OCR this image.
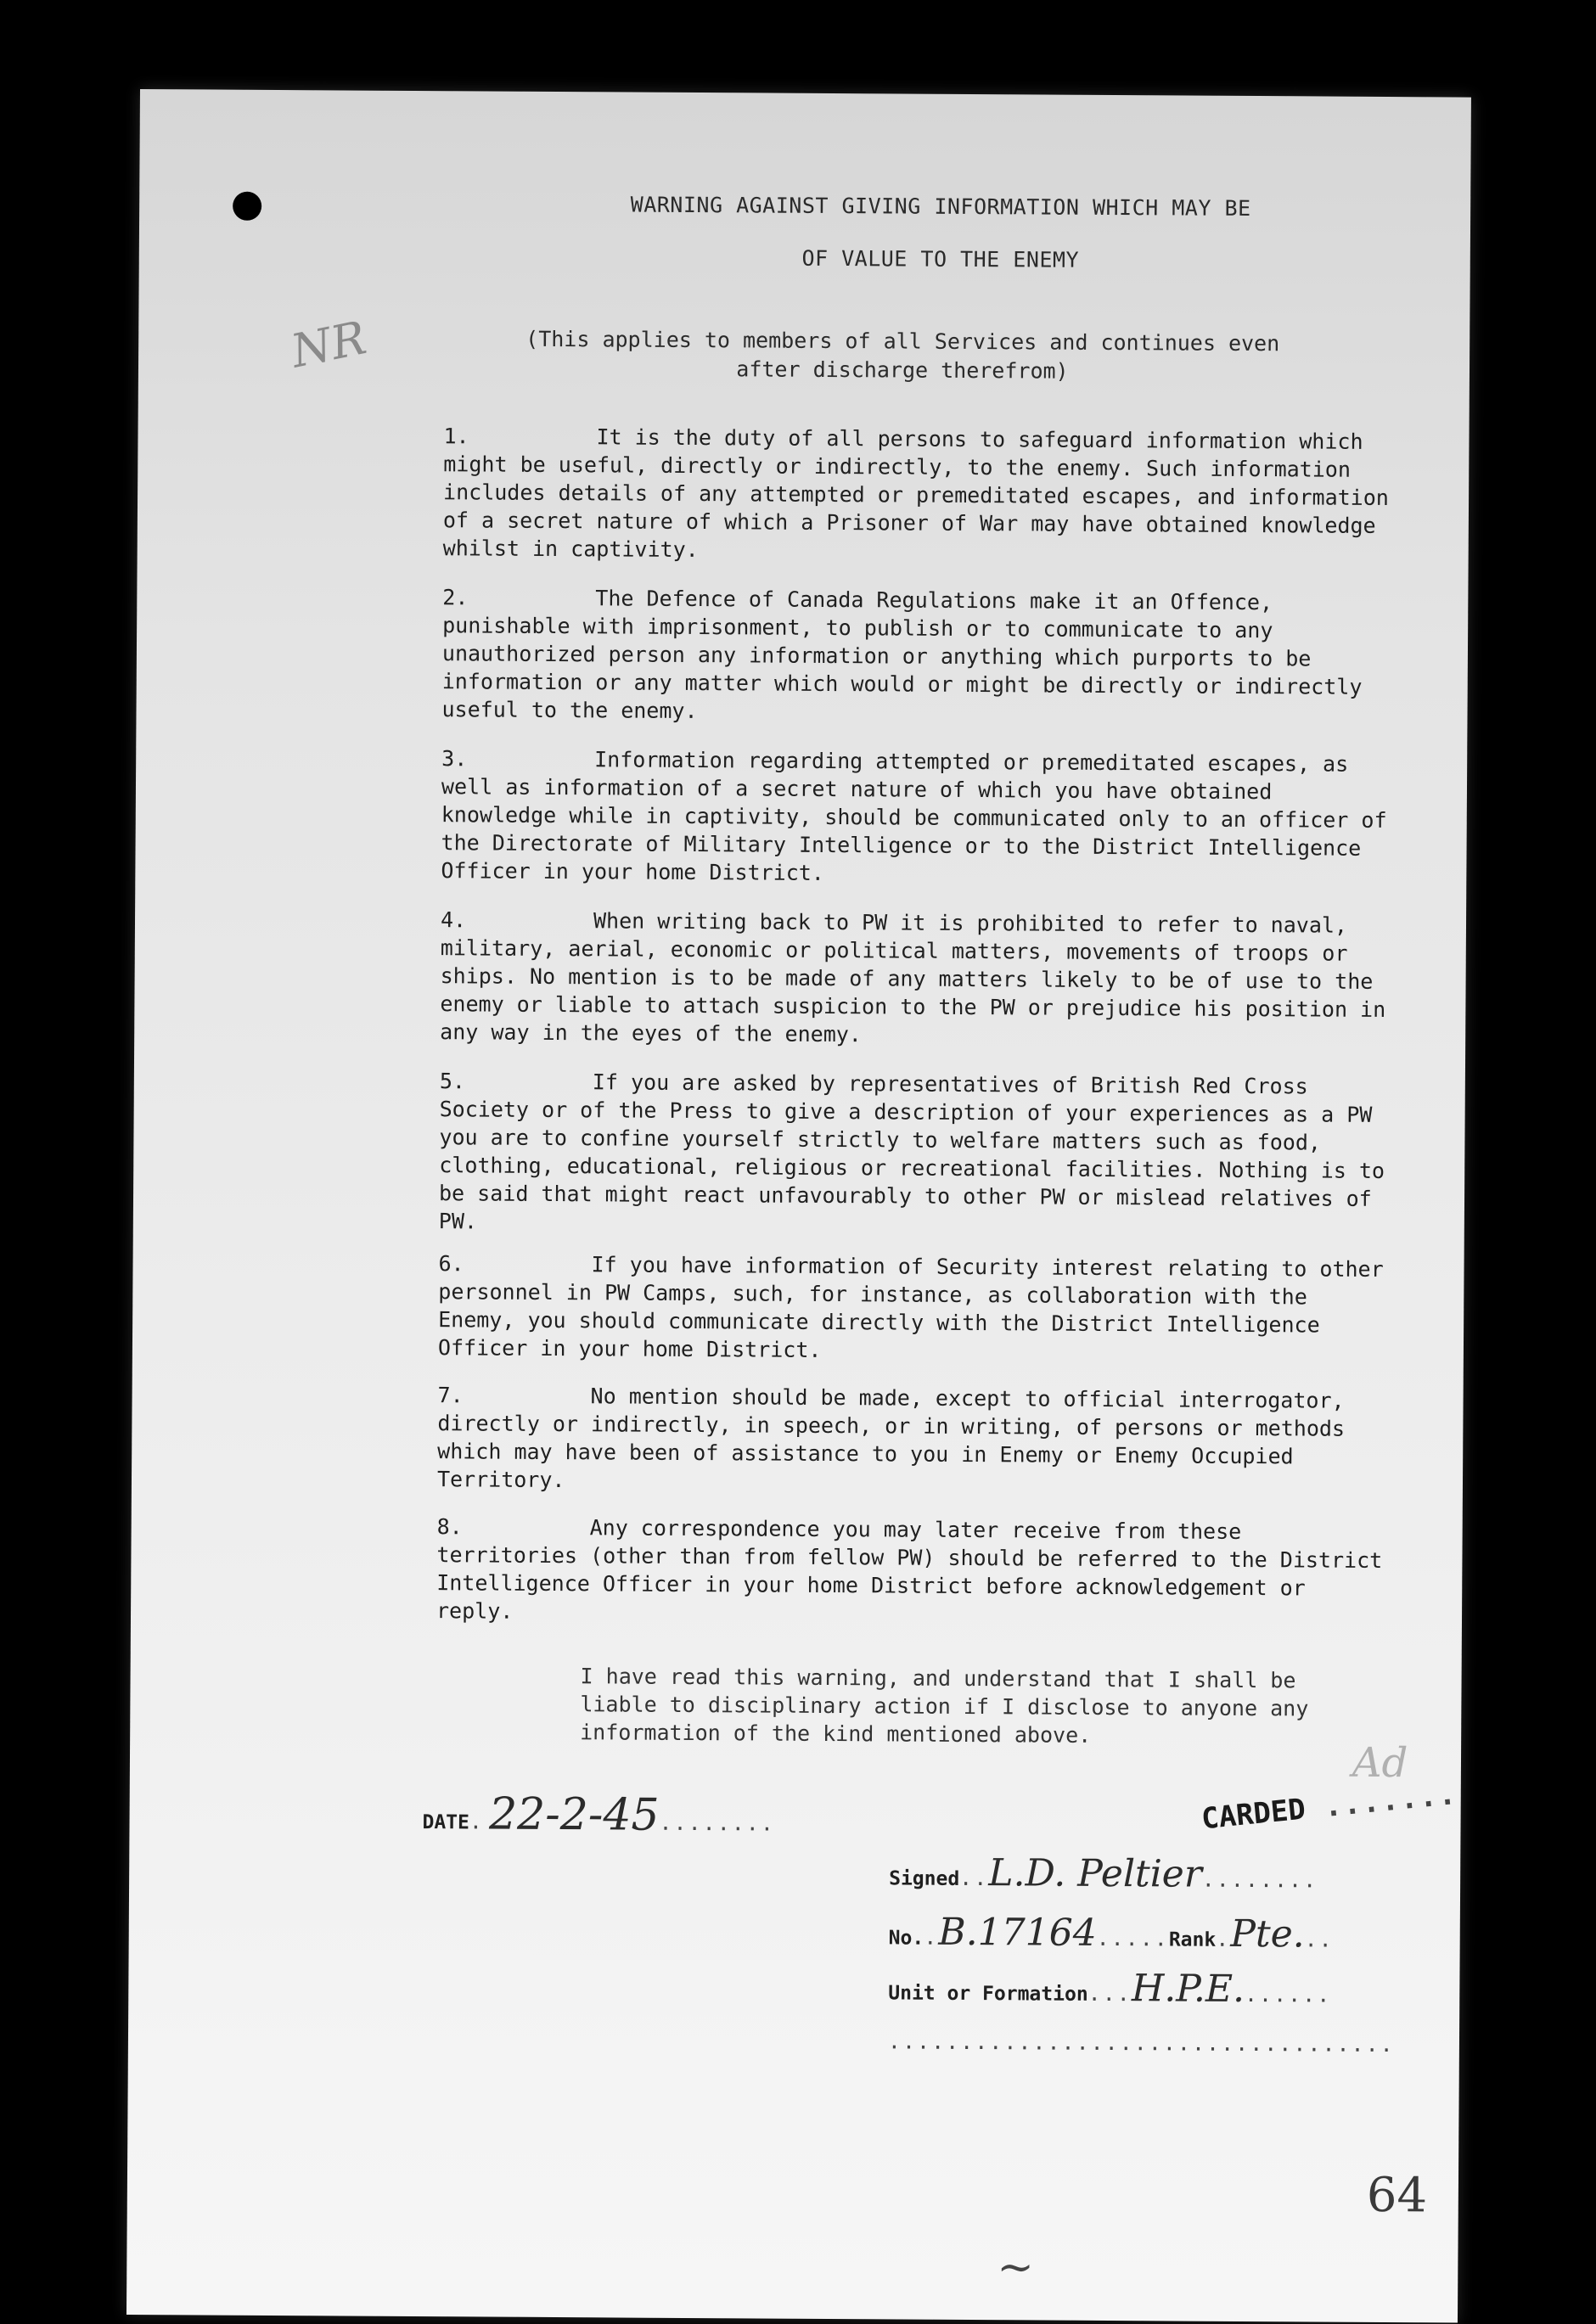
NR
WARNING AGAINST GIVING INFORMATION WHICH MAY BE
OF VALUE TO THE ENEMY
(This applies to members of all Services and continues even after discharge therefrom)
1.	It is the duty of all persons to safeguard information which might be useful, directly or indirectly, to the enemy. Such information includes details of any attempted or premeditated escapes, and information of a secret nature of which a Prisoner of War may have obtained knowledge whilst in captivity.
2.	The Defence of Canada Regulations make it an Offence, punishable with imprisonment, to publish or to communicate to any unauthorized person any information or anything which purports to be information or any matter which would or might be directly or indirectly useful to the enemy.
3.	Information regarding attempted or premeditated escapes, as well as information of a secret nature of which you have obtained knowledge while in captivity, should be communicated only to an officer of the Directorate of Military Intelligence or to the District Intelligence Officer in your home District.
4.	When writing back to PW it is prohibited to refer to naval, military, aerial, economic or political matters, movements of troops or ships. No mention is to be made of any matters likely to be of use to the enemy or liable to attach suspicion to the PW or prejudice his position in any way in the eyes of the enemy.
5.	If you are asked by representatives of British Red Cross Society or of the Press to give a description of your experiences as a PW you are to confine yourself strictly to welfare matters such as food, clothing, educational, religious or recreational facilities. Nothing is to be said that might react unfavourably to other PW or mislead relatives of PW.
6.	If you have information of Security interest relating to other personnel in PW Camps, such, for instance, as collaboration with the Enemy, you should communicate directly with the District Intelligence Officer in your home District.
7.	No mention should be made, except to official interrogator, directly or indirectly, in speech, or in writing, of persons or methods which may have been of assistance to you in Enemy or Enemy Occupied Territory.
8.	Any correspondence you may later receive from these territories (other than from fellow PW) should be referred to the District Intelligence Officer in your home District before acknowledgement or reply.
I have read this warning, and understand that I shall be liable to disciplinary action if I disclose to anyone any information of the kind mentioned above.
DATE. 22-2-45........
Ad
CARDED .......
Signed..L.D. Peltier........
No..B.17164.....Rank.Pte...
Unit or Formation...H.P.E.......
...................................
64
~
